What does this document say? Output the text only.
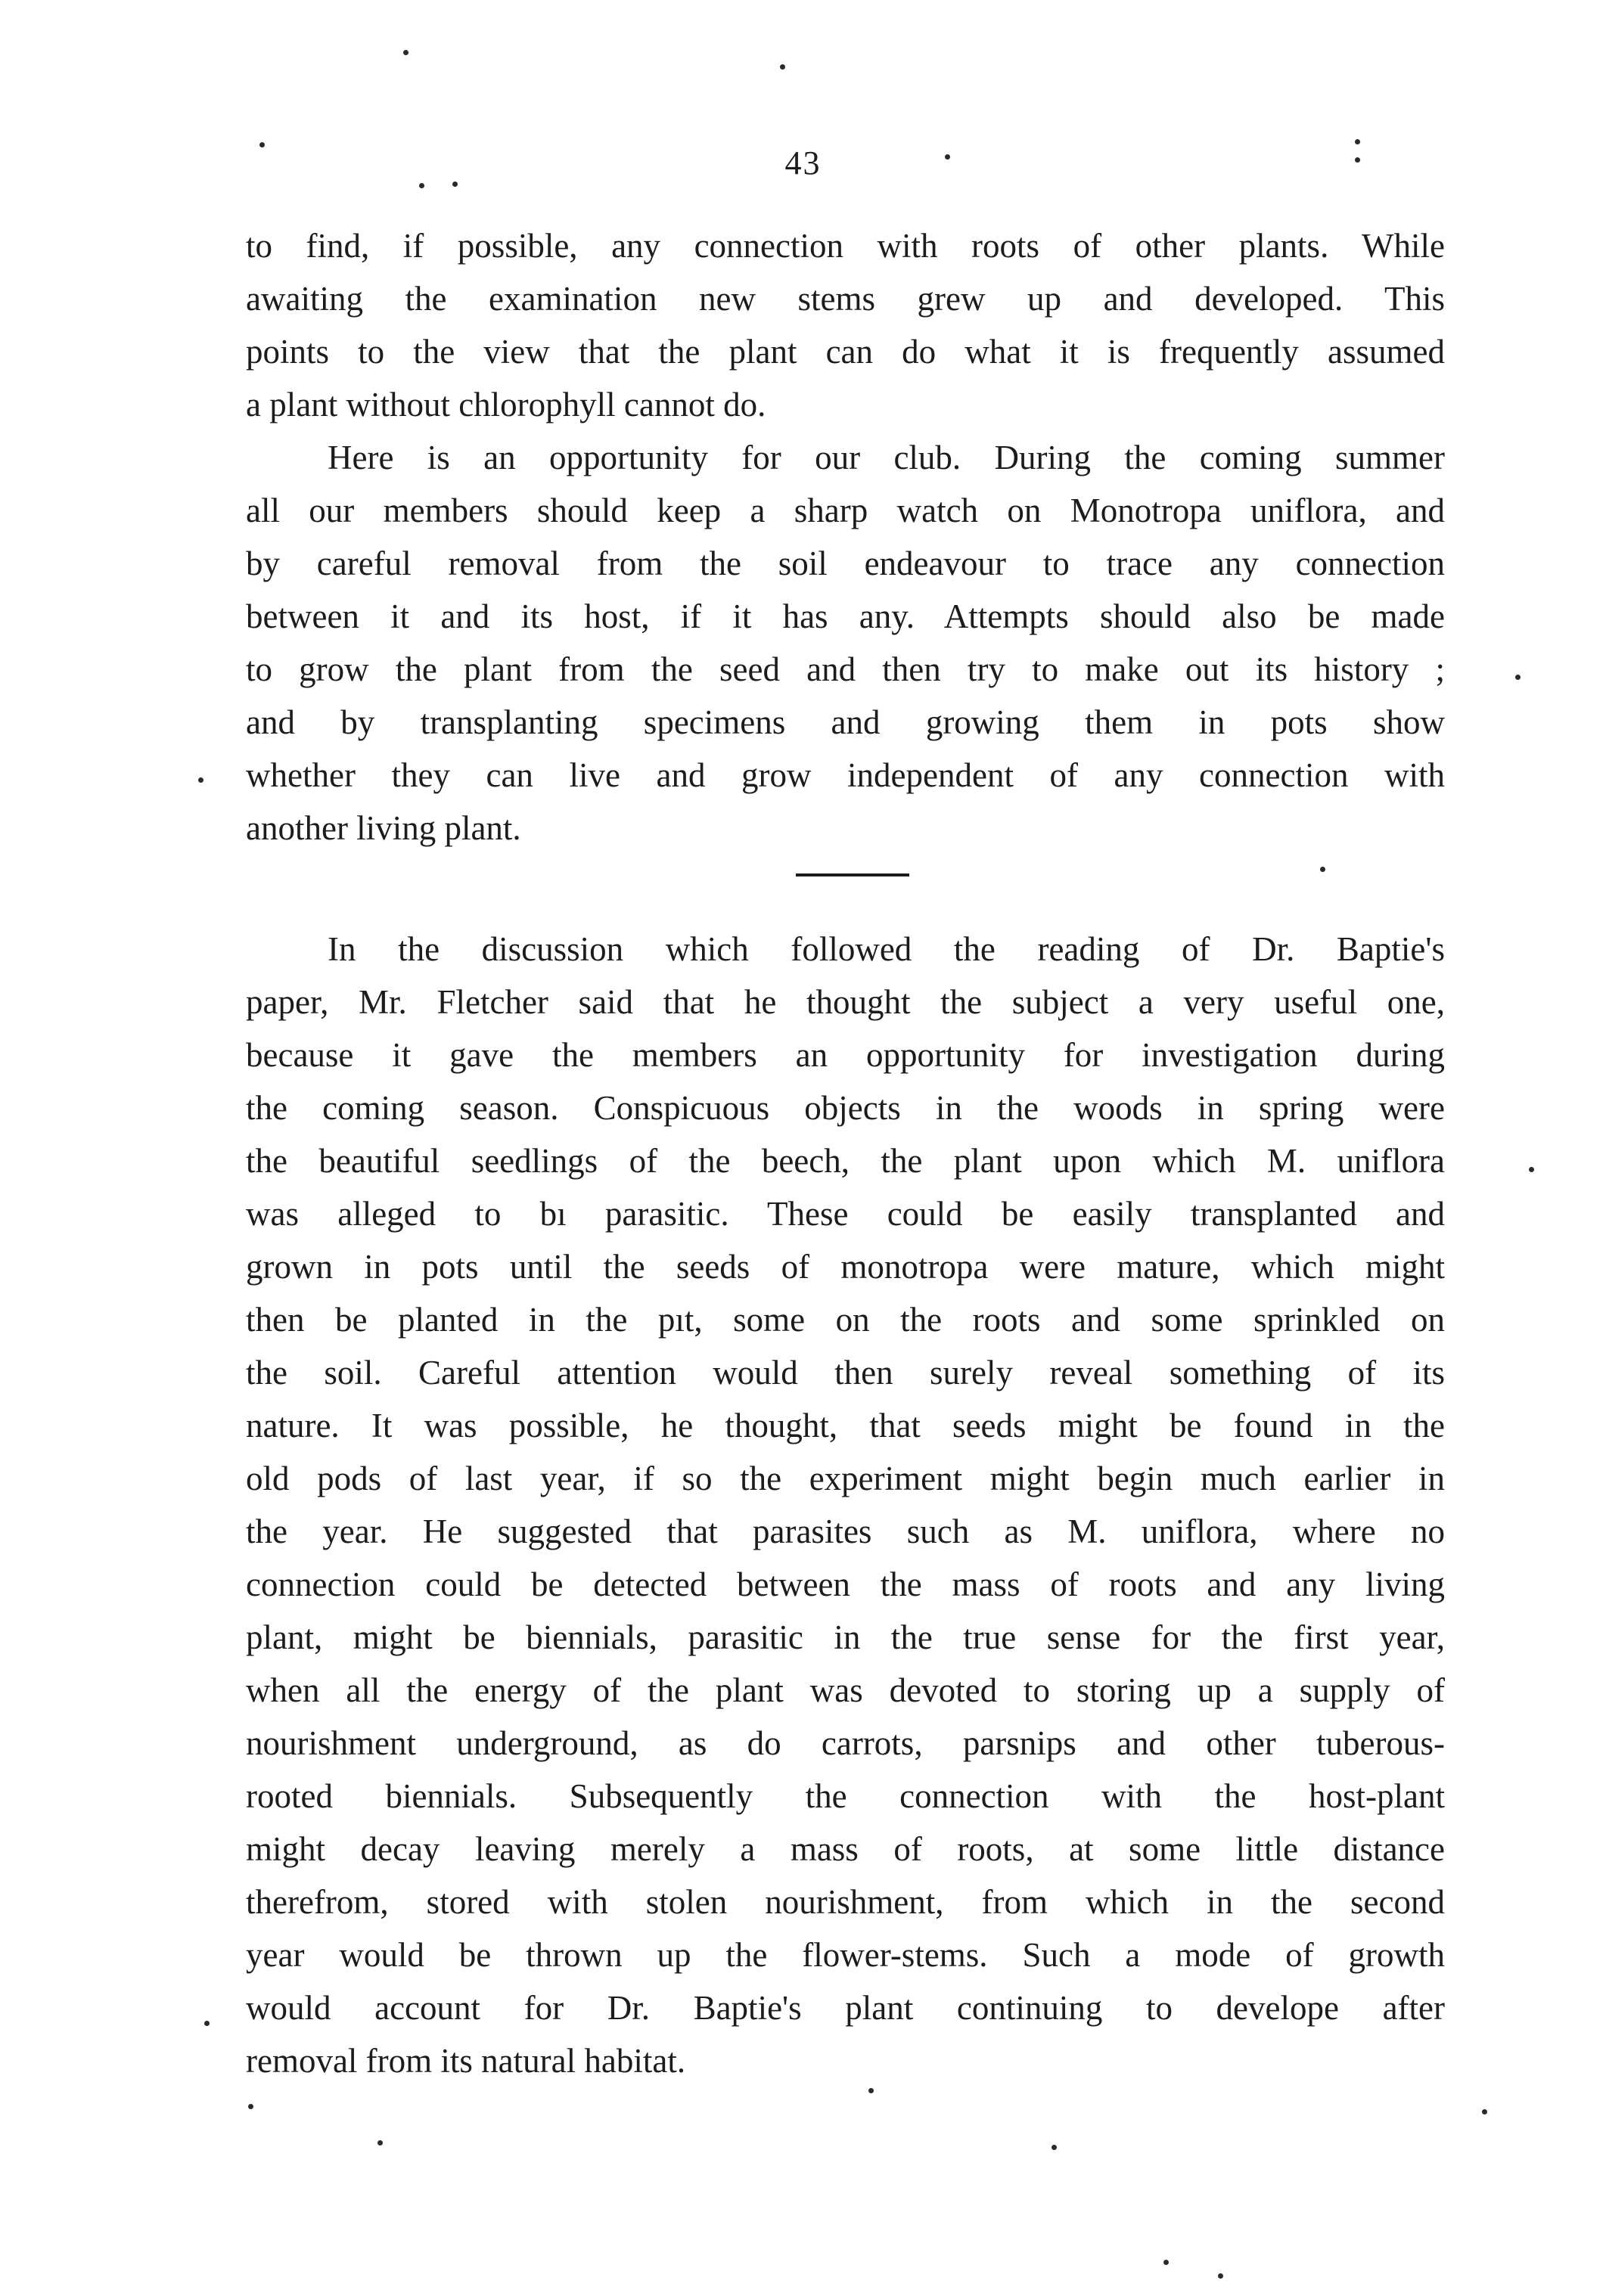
43
to find, if possible, any connection with roots of other plants. While
awaiting the examination new stems grew up and developed. This
points to the view that the plant can do what it is frequently assumed
a plant without chlorophyll cannot do.
Here is an opportunity for our club. During the coming summer
all our members should keep a sharp watch on Monotropa uniflora, and
by careful removal from the soil endeavour to trace any connection
between it and its host, if it has any. Attempts should also be made
to grow the plant from the seed and then try to make out its history ;
and by transplanting specimens and growing them in pots show
whether they can live and grow independent of any connection with
another living plant.
In the discussion which followed the reading of Dr. Baptie's
paper, Mr. Fletcher said that he thought the subject a very useful one,
because it gave the members an opportunity for investigation during
the coming season. Conspicuous objects in the woods in spring were
the beautiful seedlings of the beech, the plant upon which M. uniflora
was alleged to bı parasitic. These could be easily transplanted and
grown in pots until the seeds of monotropa were mature, which might
then be planted in the pıt, some on the roots and some sprinkled on
the soil. Careful attention would then surely reveal something of its
nature. It was possible, he thought, that seeds might be found in the
old pods of last year, if so the experiment might begin much earlier in
the year. He suggested that parasites such as M. uniflora, where no
connection could be detected between the mass of roots and any living
plant, might be biennials, parasitic in the true sense for the first year,
when all the energy of the plant was devoted to storing up a supply of
nourishment underground, as do carrots, parsnips and other tuberous-
rooted biennials. Subsequently the connection with the host-plant
might decay leaving merely a mass of roots, at some little distance
therefrom, stored with stolen nourishment, from which in the second
year would be thrown up the flower-stems. Such a mode of growth
would account for Dr. Baptie's plant continuing to develope after
removal from its natural habitat.
